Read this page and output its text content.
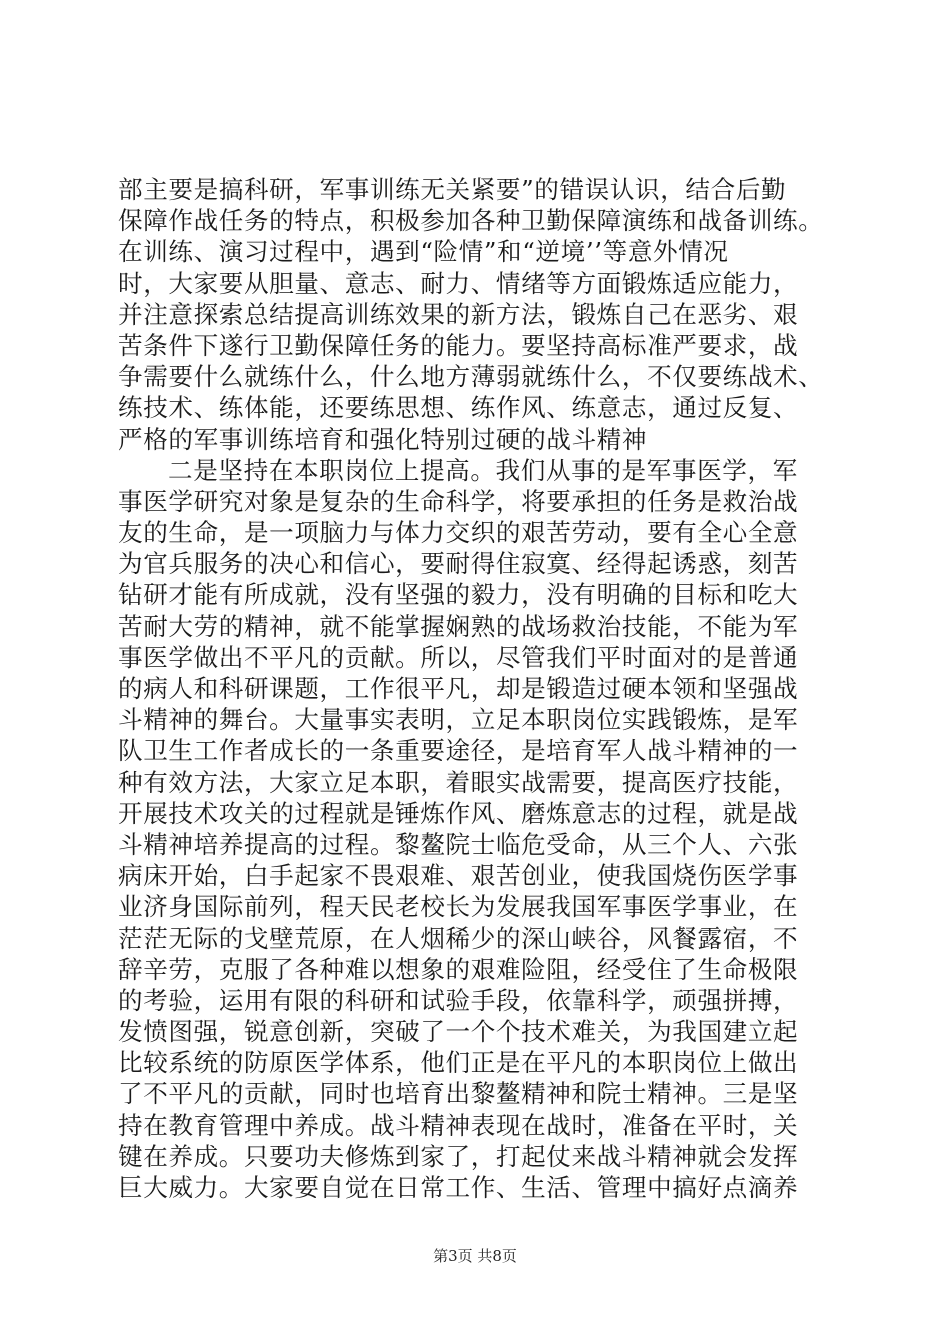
部主要是搞科研，军事训练无关紧要”的错误认识，结合后勤
保障作战任务的特点，积极参加各种卫勤保障演练和战备训练。
在训练、演习过程中，遇到“险情”和“逆境’’等意外情况
时，大家要从胆量、意志、耐力、情绪等方面锻炼适应能力，
并注意探索总结提高训练效果的新方法，锻炼自己在恶劣、艰
苦条件下遂行卫勤保障任务的能力。要坚持高标准严要求，战
争需要什么就练什么，什么地方薄弱就练什么，不仅要练战术、
练技术、练体能，还要练思想、练作风、练意志，通过反复、
严格的军事训练培育和强化特别过硬的战斗精神
二是坚持在本职岗位上提高。我们从事的是军事医学，军
事医学研究对象是复杂的生命科学，将要承担的任务是救治战
友的生命，是一项脑力与体力交织的艰苦劳动，要有全心全意
为官兵服务的决心和信心，要耐得住寂寞、经得起诱惑，刻苦
钻研才能有所成就，没有坚强的毅力，没有明确的目标和吃大
苦耐大劳的精神，就不能掌握娴熟的战场救治技能，不能为军
事医学做出不平凡的贡献。所以，尽管我们平时面对的是普通
的病人和科研课题，工作很平凡，却是锻造过硬本领和坚强战
斗精神的舞台。大量事实表明，立足本职岗位实践锻炼，是军
队卫生工作者成长的一条重要途径，是培育军人战斗精神的一
种有效方法，大家立足本职，着眼实战需要，提高医疗技能，
开展技术攻关的过程就是锤炼作风、磨炼意志的过程，就是战
斗精神培养提高的过程。黎鳌院士临危受命，从三个人、六张
病床开始，白手起家不畏艰难、艰苦创业，使我国烧伤医学事
业济身国际前列，程天民老校长为发展我国军事医学事业，在
茫茫无际的戈壁荒原，在人烟稀少的深山峡谷，风餐露宿，不
辞辛劳，克服了各种难以想象的艰难险阻，经受住了生命极限
的考验，运用有限的科研和试验手段，依靠科学，顽强拼搏，
发愤图强，锐意创新，突破了一个个技术难关，为我国建立起
比较系统的防原医学体系，他们正是在平凡的本职岗位上做出
了不平凡的贡献，同时也培育出黎鳌精神和院士精神。三是坚
持在教育管理中养成。战斗精神表现在战时，准备在平时，关
键在养成。只要功夫修炼到家了，打起仗来战斗精神就会发挥
巨大威力。大家要自觉在日常工作、生活、管理中搞好点滴养
第3页 共8页
